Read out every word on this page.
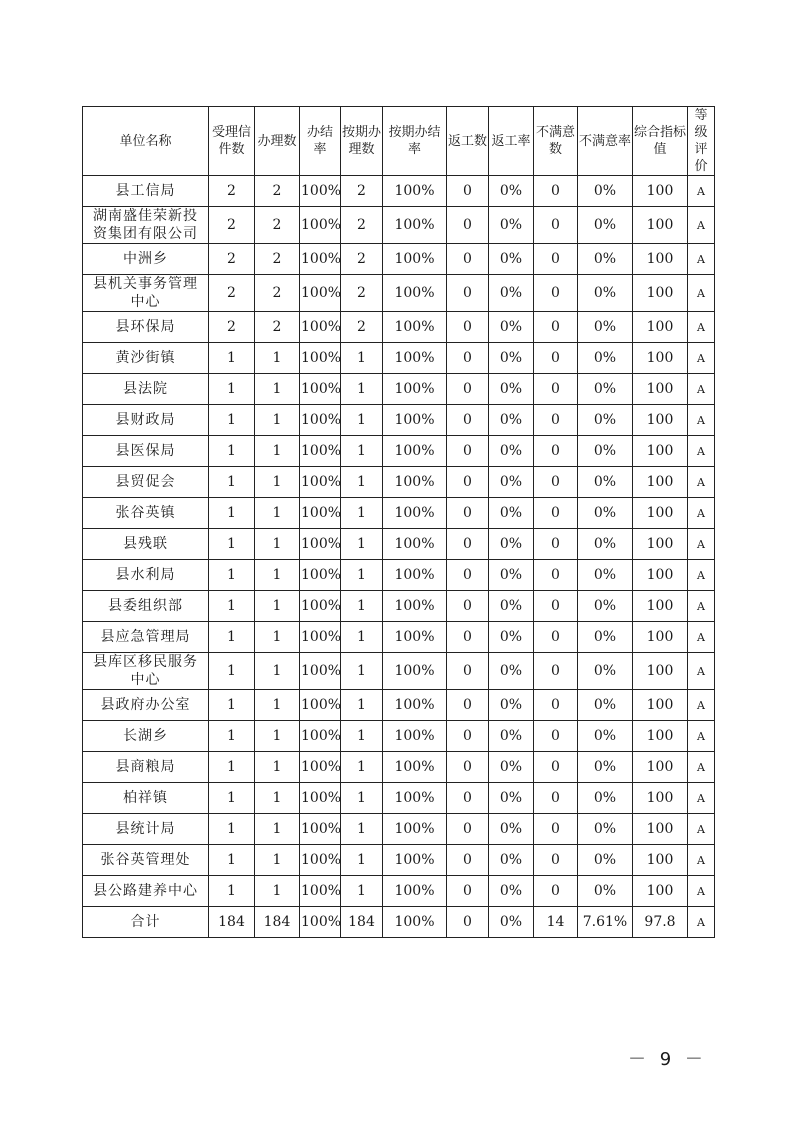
单位名称	受理信件数	办理数	办结率	按期办理数	按期办结率	返工数	返工率	不满意数	不满意率	综合指标值	等级评价
县工信局	2	2	100%	2	100%	0	0%	0	0%	100	A
湖南盛佳荣新投资集团有限公司	2	2	100%	2	100%	0	0%	0	0%	100	A
中洲乡	2	2	100%	2	100%	0	0%	0	0%	100	A
县机关事务管理中心	2	2	100%	2	100%	0	0%	0	0%	100	A
县环保局	2	2	100%	2	100%	0	0%	0	0%	100	A
黄沙街镇	1	1	100%	1	100%	0	0%	0	0%	100	A
县法院	1	1	100%	1	100%	0	0%	0	0%	100	A
县财政局	1	1	100%	1	100%	0	0%	0	0%	100	A
县医保局	1	1	100%	1	100%	0	0%	0	0%	100	A
县贸促会	1	1	100%	1	100%	0	0%	0	0%	100	A
张谷英镇	1	1	100%	1	100%	0	0%	0	0%	100	A
县残联	1	1	100%	1	100%	0	0%	0	0%	100	A
县水利局	1	1	100%	1	100%	0	0%	0	0%	100	A
县委组织部	1	1	100%	1	100%	0	0%	0	0%	100	A
县应急管理局	1	1	100%	1	100%	0	0%	0	0%	100	A
县库区移民服务中心	1	1	100%	1	100%	0	0%	0	0%	100	A
县政府办公室	1	1	100%	1	100%	0	0%	0	0%	100	A
长湖乡	1	1	100%	1	100%	0	0%	0	0%	100	A
县商粮局	1	1	100%	1	100%	0	0%	0	0%	100	A
柏祥镇	1	1	100%	1	100%	0	0%	0	0%	100	A
县统计局	1	1	100%	1	100%	0	0%	0	0%	100	A
张谷英管理处	1	1	100%	1	100%	0	0%	0	0%	100	A
县公路建养中心	1	1	100%	1	100%	0	0%	0	0%	100	A
合计	184	184	100%	184	100%	0	0%	14	7.61%	97.8	A
－ 9 －
